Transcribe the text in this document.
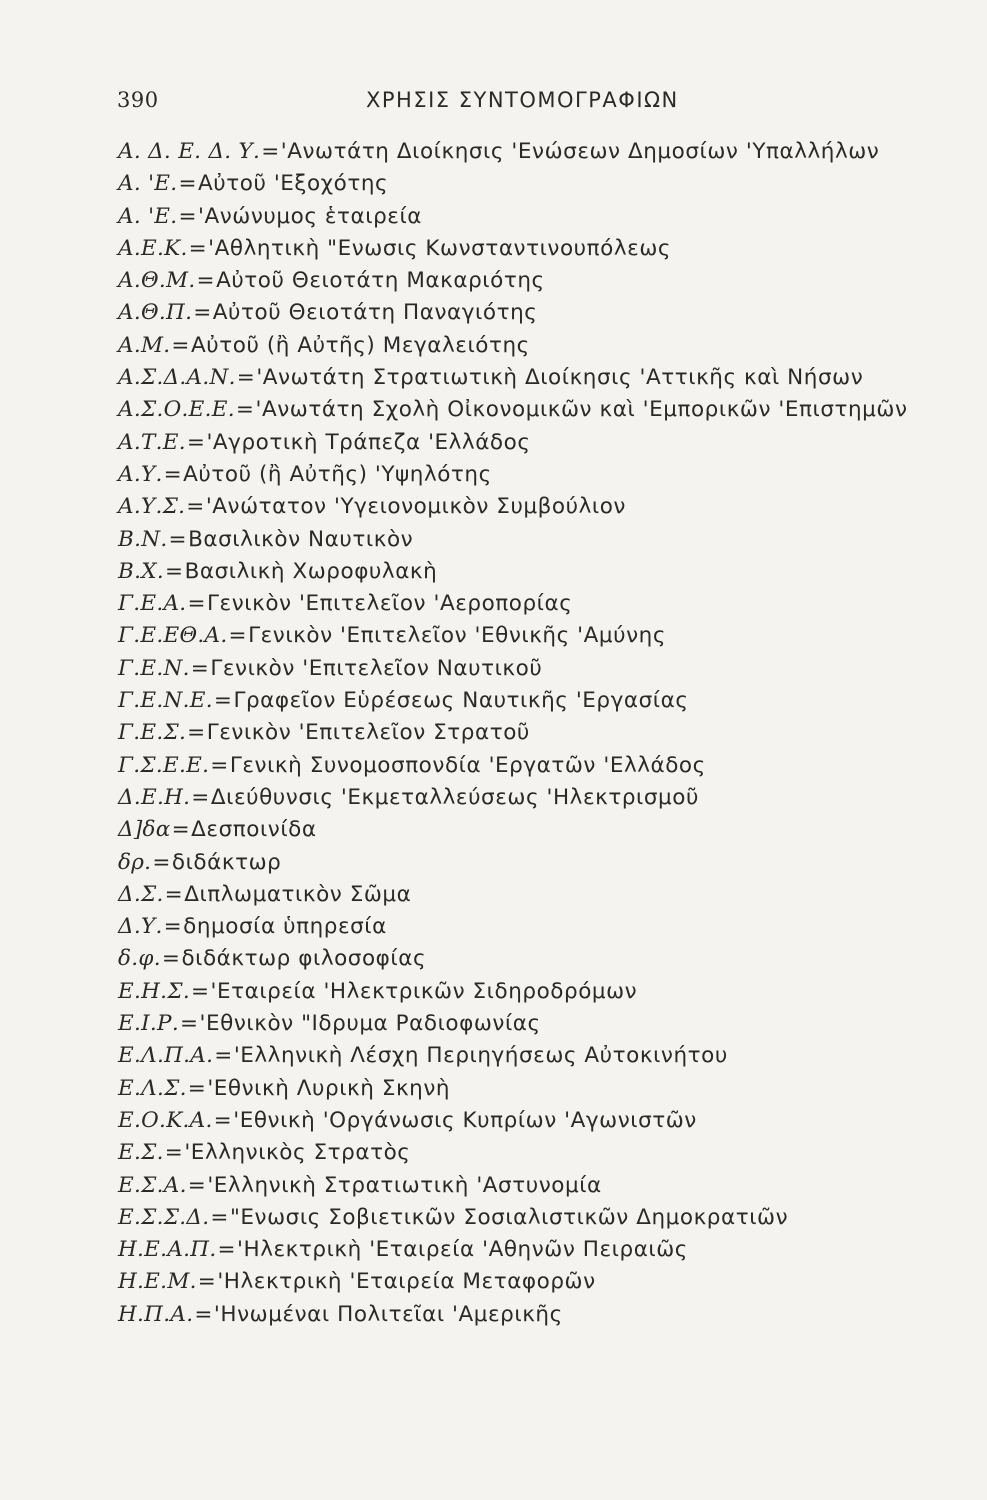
390	ΧΡΗΣΙΣ ΣΥΝΤΟΜΟΓΡΑΦΙΩΝ
Α. Δ. Ε. Δ. Υ.='Ανωτάτη Διοίκησις 'Ενώσεων Δημοσίων 'Υπαλλήλων
Α. 'Ε.=Αὐτοῦ 'Εξοχότης
Α. 'Ε.='Ανώνυμος ἑταιρεία
Α.Ε.Κ.='Αθλητικὴ "Ενωσις Κωνσταντινουπόλεως
Α.Θ.Μ.=Αὐτοῦ Θειοτάτη Μακαριότης
Α.Θ.Π.=Αὐτοῦ Θειοτάτη Παναγιότης
Α.Μ.=Αὐτοῦ (ἢ Αὐτῆς) Μεγαλειότης
Α.Σ.Δ.Α.Ν.='Ανωτάτη Στρατιωτικὴ Διοίκησις 'Αττικῆς καὶ Νήσων
Α.Σ.Ο.Ε.Ε.='Ανωτάτη Σχολὴ Οἰκονομικῶν καὶ 'Εμπορικῶν 'Επιστημῶν
Α.Τ.Ε.='Αγροτικὴ Τράπεζα 'Ελλάδος
Α.Υ.=Αὐτοῦ (ἢ Αὐτῆς) 'Υψηλότης
Α.Υ.Σ.='Ανώτατον 'Υγειονομικὸν Συμβούλιον
Β.Ν.=Βασιλικὸν Ναυτικὸν
Β.Χ.=Βασιλικὴ Χωροφυλακὴ
Γ.Ε.Α.=Γενικὸν 'Επιτελεῖον 'Αεροπορίας
Γ.Ε.ΕΘ.Α.=Γενικὸν 'Επιτελεῖον 'Εθνικῆς 'Αμύνης
Γ.Ε.Ν.=Γενικὸν 'Επιτελεῖον Ναυτικοῦ
Γ.Ε.Ν.Ε.=Γραφεῖον Εὑρέσεως Ναυτικῆς 'Εργασίας
Γ.Ε.Σ.=Γενικὸν 'Επιτελεῖον Στρατοῦ
Γ.Σ.Ε.Ε.=Γενικὴ Συνομοσπονδία 'Εργατῶν 'Ελλάδος
Δ.Ε.Η.=Διεύθυνσις 'Εκμεταλλεύσεως 'Ηλεκτρισμοῦ
Δ]δα=Δεσποινίδα
δρ.=διδάκτωρ
Δ.Σ.=Διπλωματικὸν Σῶμα
Δ.Υ.=δημοσία ὑπηρεσία
δ.φ.=διδάκτωρ φιλοσοφίας
Ε.Η.Σ.='Εταιρεία 'Ηλεκτρικῶν Σιδηροδρόμων
Ε.Ι.Ρ.='Εθνικὸν "Ιδρυμα Ραδιοφωνίας
Ε.Λ.Π.Α.='Ελληνικὴ Λέσχη Περιηγήσεως Αὐτοκινήτου
Ε.Λ.Σ.='Εθνικὴ Λυρικὴ Σκηνὴ
Ε.Ο.Κ.Α.='Εθνικὴ 'Οργάνωσις Κυπρίων 'Αγωνιστῶν
Ε.Σ.='Ελληνικὸς Στρατὸς
Ε.Σ.Α.='Ελληνικὴ Στρατιωτικὴ 'Αστυνομία
Ε.Σ.Σ.Δ.="Ενωσις Σοβιετικῶν Σοσιαλιστικῶν Δημοκρατιῶν
Η.Ε.Α.Π.='Ηλεκτρικὴ 'Εταιρεία 'Αθηνῶν Πειραιῶς
Η.Ε.Μ.='Ηλεκτρικὴ 'Εταιρεία Μεταφορῶν
Η.Π.Α.='Ηνωμέναι Πολιτεῖαι 'Αμερικῆς
